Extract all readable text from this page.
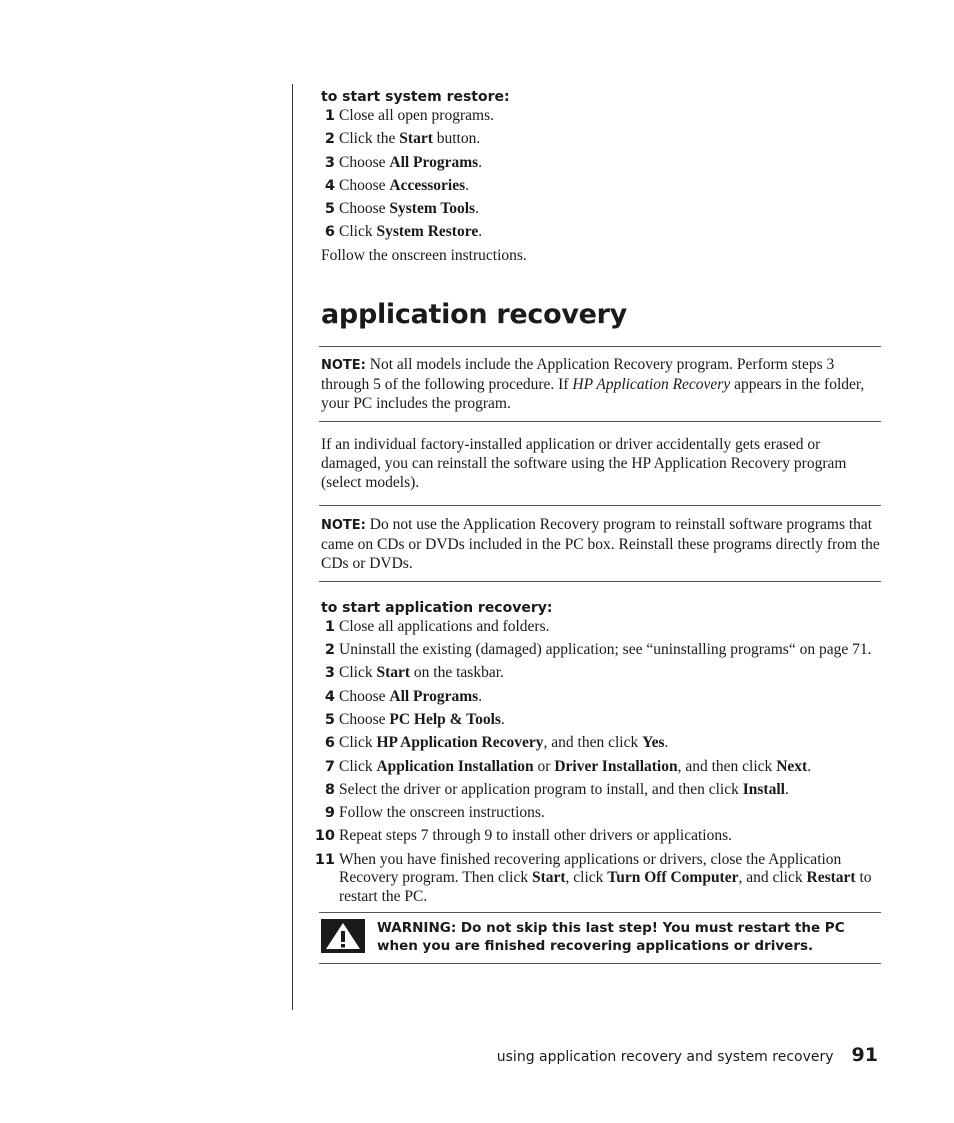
to start system restore:
1 Close all open programs.
2 Click the Start button.
3 Choose All Programs.
4 Choose Accessories.
5 Choose System Tools.
6 Click System Restore.

Follow the onscreen instructions.

application recovery

NOTE: Not all models include the Application Recovery program. Perform steps 3 through 5 of the following procedure. If HP Application Recovery appears in the folder, your PC includes the program.

If an individual factory-installed application or driver accidentally gets erased or damaged, you can reinstall the software using the HP Application Recovery program (select models).

NOTE: Do not use the Application Recovery program to reinstall software programs that came on CDs or DVDs included in the PC box. Reinstall these programs directly from the CDs or DVDs.

to start application recovery:
1 Close all applications and folders.
2 Uninstall the existing (damaged) application; see “uninstalling programs“ on page 71.
3 Click Start on the taskbar.
4 Choose All Programs.
5 Choose PC Help & Tools.
6 Click HP Application Recovery, and then click Yes.
7 Click Application Installation or Driver Installation, and then click Next.
8 Select the driver or application program to install, and then click Install.
9 Follow the onscreen instructions.
10 Repeat steps 7 through 9 to install other drivers or applications.
11 When you have finished recovering applications or drivers, close the Application Recovery program. Then click Start, click Turn Off Computer, and click Restart to restart the PC.
WARNING: Do not skip this last step! You must restart the PC when you are finished recovering applications or drivers.
using application recovery and system recovery 91
